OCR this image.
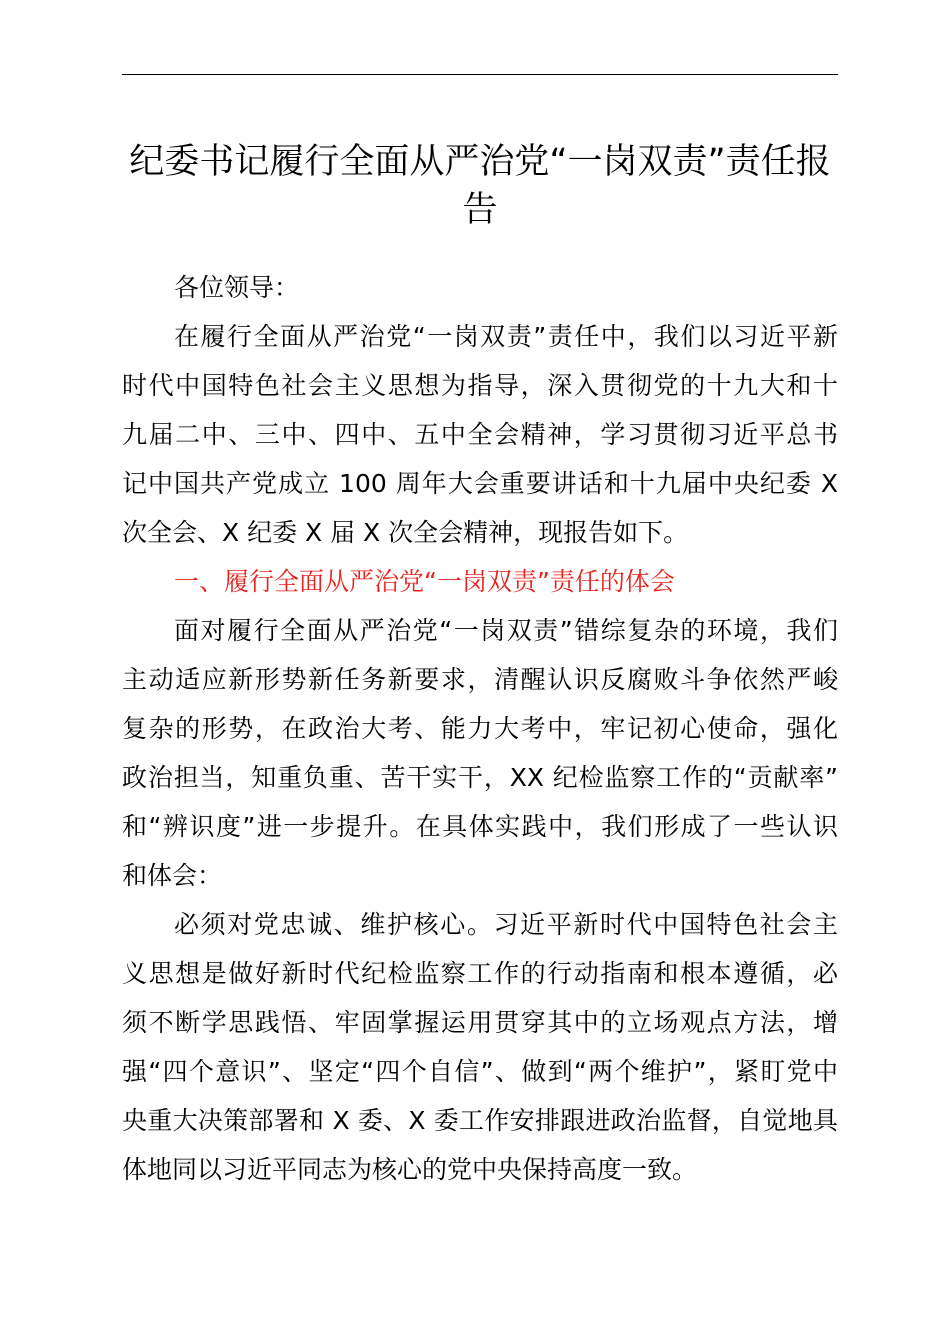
纪委书记履行全面从严治党“一岗双责”责任报
告
各位领导：
在履行全面从严治党“一岗双责”责任中，我们以习近平新
时代中国特色社会主义思想为指导，深入贯彻党的十九大和十
九届二中、三中、四中、五中全会精神，学习贯彻习近平总书
记中国共产党成立 100 周年大会重要讲话和十九届中央纪委 X
次全会、X 纪委 X 届 X 次全会精神，现报告如下。
一、履行全面从严治党“一岗双责”责任的体会
面对履行全面从严治党“一岗双责”错综复杂的环境，我们
主动适应新形势新任务新要求，清醒认识反腐败斗争依然严峻
复杂的形势，在政治大考、能力大考中，牢记初心使命，强化
政治担当，知重负重、苦干实干，XX 纪检监察工作的“贡献率”
和“辨识度”进一步提升。在具体实践中，我们形成了一些认识
和体会：
必须对党忠诚、维护核心。习近平新时代中国特色社会主
义思想是做好新时代纪检监察工作的行动指南和根本遵循，必
须不断学思践悟、牢固掌握运用贯穿其中的立场观点方法，增
强“四个意识”、坚定“四个自信”、做到“两个维护”，紧盯党中
央重大决策部署和 X 委、X 委工作安排跟进政治监督，自觉地具
体地同以习近平同志为核心的党中央保持高度一致。
